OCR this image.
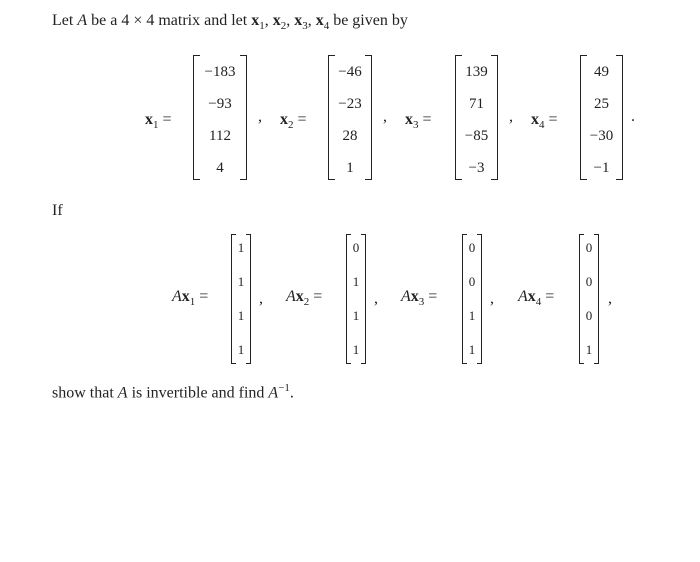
Let A be a 4 × 4 matrix and let $x_1$, $x_2$, $x_3$, $x_4$ be given by
$x_1$ =
−183
−93
112
4
, $x_2$ =
−46
−23
28
1
, $x_3$ =
139
71
−85
−3
, $x_4$ =
49
25
−30
−1
.
If
$Ax_1$ =
1
1
1
1
, $Ax_2$ =
0
1
1
1
, $Ax_3$ =
0
0
1
1
, $Ax_4$ =
0
0
0
1
,
show that A is invertible and find $A^{-1}$.
